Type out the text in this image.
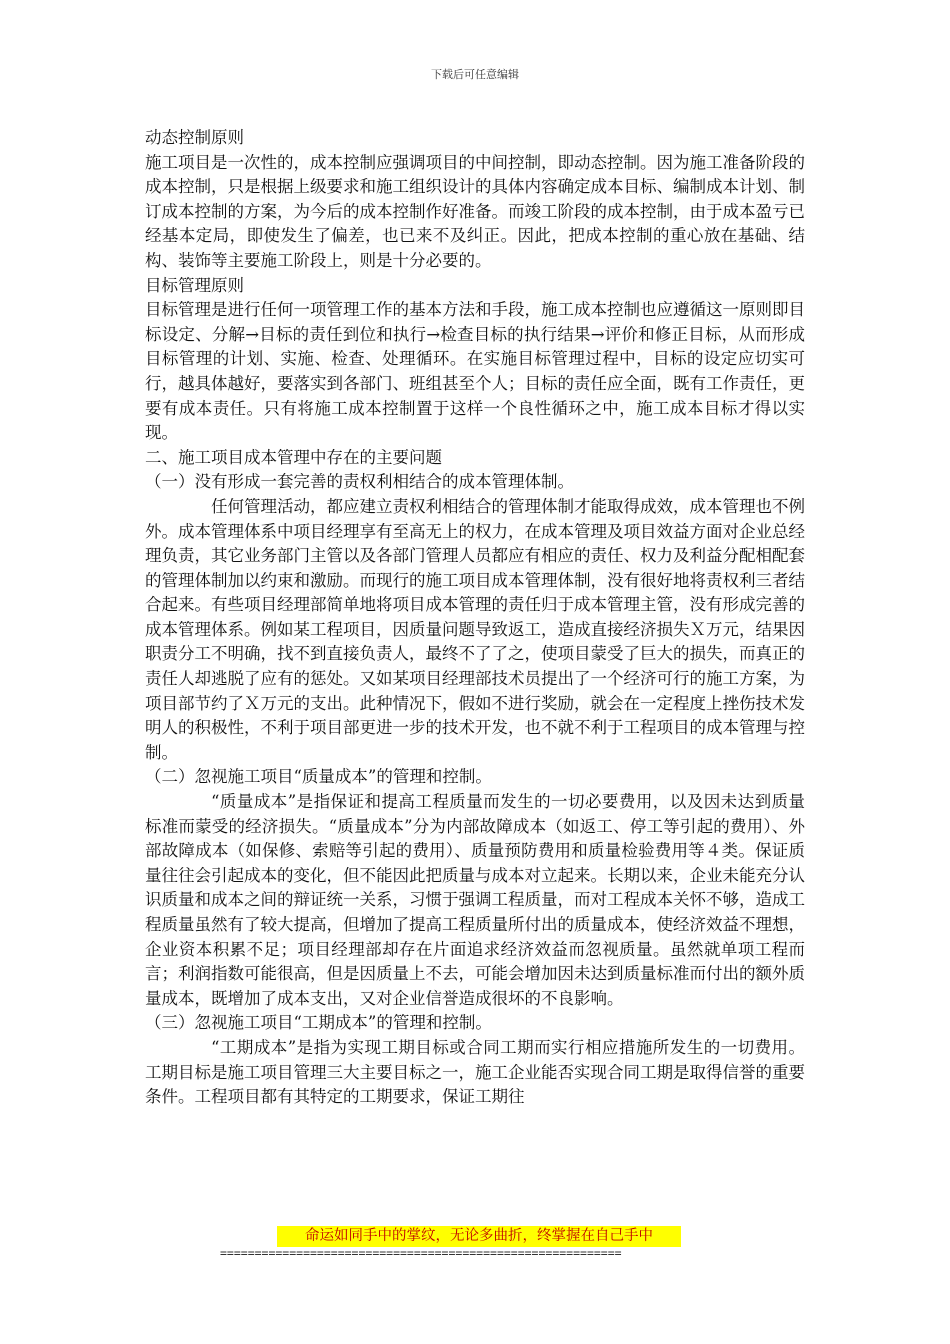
下载后可任意编辑

动态控制原则

施工项目是一次性的，成本控制应强调项目的中间控制，即动态控制。因为施工准备阶段的成本控制，只是根据上级要求和施工组织设计的具体内容确定成本目标、编制成本计划、制订成本控制的方案，为今后的成本控制作好准备。而竣工阶段的成本控制，由于成本盈亏已经基本定局，即使发生了偏差，也已来不及纠正。因此，把成本控制的重心放在基础、结构、装饰等主要施工阶段上，则是十分必要的。

目标管理原则

目标管理是进行任何一项管理工作的基本方法和手段，施工成本控制也应遵循这一原则即目标设定、分解→目标的责任到位和执行→检查目标的执行结果→评价和修正目标，从而形成目标管理的计划、实施、检查、处理循环。在实施目标管理过程中，目标的设定应切实可行，越具体越好，要落实到各部门、班组甚至个人；目标的责任应全面，既有工作责任，更要有成本责任。只有将施工成本控制置于这样一个良性循环之中，施工成本目标才得以实现。

二、施工项目成本管理中存在的主要问题

（一）没有形成一套完善的责权利相结合的成本管理体制。

任何管理活动，都应建立责权利相结合的管理体制才能取得成效，成本管理也不例外。成本管理体系中项目经理享有至高无上的权力，在成本管理及项目效益方面对企业总经理负责，其它业务部门主管以及各部门管理人员都应有相应的责任、权力及利益分配相配套的管理体制加以约束和激励。而现行的施工项目成本管理体制，没有很好地将责权利三者结合起来。有些项目经理部简单地将项目成本管理的责任归于成本管理主管，没有形成完善的成本管理体系。例如某工程项目，因质量问题导致返工，造成直接经济损失Ｘ万元，结果因职责分工不明确，找不到直接负责人，最终不了了之，使项目蒙受了巨大的损失，而真正的责任人却逃脱了应有的惩处。又如某项目经理部技术员提出了一个经济可行的施工方案，为项目部节约了Ｘ万元的支出。此种情况下，假如不进行奖励，就会在一定程度上挫伤技术发明人的积极性，不利于项目部更进一步的技术开发，也不就不利于工程项目的成本管理与控制。

（二）忽视施工项目“质量成本”的管理和控制。

“质量成本”是指保证和提高工程质量而发生的一切必要费用，以及因未达到质量标准而蒙受的经济损失。“质量成本”分为内部故障成本（如返工、停工等引起的费用）、外部故障成本（如保修、索赔等引起的费用）、质量预防费用和质量检验费用等４类。保证质量往往会引起成本的变化，但不能因此把质量与成本对立起来。长期以来，企业未能充分认识质量和成本之间的辩证统一关系，习惯于强调工程质量，而对工程成本关怀不够，造成工程质量虽然有了较大提高，但增加了提高工程质量所付出的质量成本，使经济效益不理想，企业资本积累不足；项目经理部却存在片面追求经济效益而忽视质量。虽然就单项工程而言；利润指数可能很高，但是因质量上不去，可能会增加因未达到质量标准而付出的额外质量成本，既增加了成本支出，又对企业信誉造成很坏的不良影响。

（三）忽视施工项目“工期成本”的管理和控制。

“工期成本”是指为实现工期目标或合同工期而实行相应措施所发生的一切费用。工期目标是施工项目管理三大主要目标之一，施工企业能否实现合同工期是取得信誉的重要条件。工程项目都有其特定的工期要求，保证工期往

命运如同手中的掌纹，无论多曲折，终掌握在自己手中
==========================================================
